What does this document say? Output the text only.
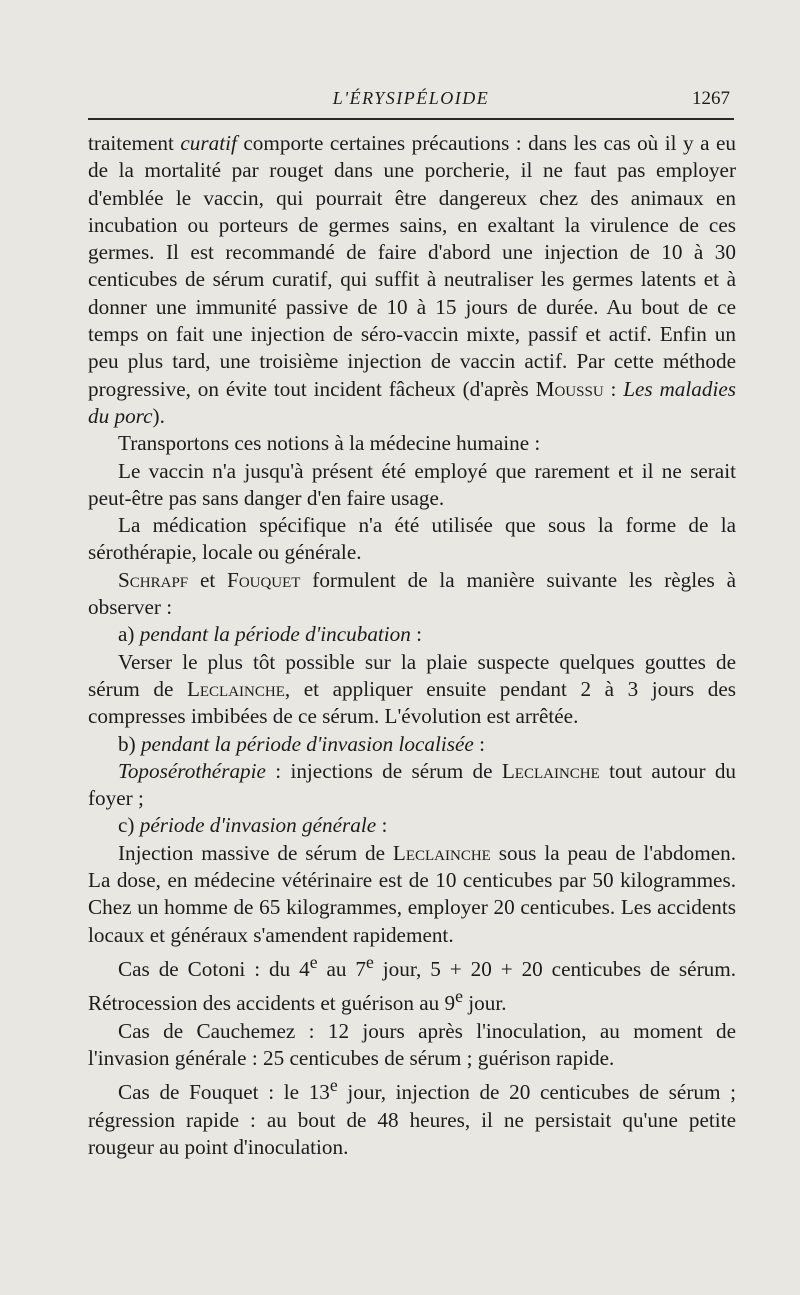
L'ÉRYSIPÉLOIDE	1267

traitement curatif comporte certaines précautions : dans les cas où il y a eu de la mortalité par rouget dans une porcherie, il ne faut pas employer d'emblée le vaccin, qui pourrait être dangereux chez des animaux en incubation ou porteurs de germes sains, en exaltant la virulence de ces germes. Il est recommandé de faire d'abord une injection de 10 à 30 centicubes de sérum curatif, qui suffit à neutraliser les germes latents et à donner une immunité passive de 10 à 15 jours de durée. Au bout de ce temps on fait une injection de séro-vaccin mixte, passif et actif. Enfin un peu plus tard, une troisième injection de vaccin actif. Par cette méthode progressive, on évite tout incident fâcheux (d'après Moussu : Les maladies du porc).

Transportons ces notions à la médecine humaine :

Le vaccin n'a jusqu'à présent été employé que rarement et il ne serait peut-être pas sans danger d'en faire usage.

La médication spécifique n'a été utilisée que sous la forme de la sérothérapie, locale ou générale.

Schrapf et Fouquet formulent de la manière suivante les règles à observer :

a) pendant la période d'incubation :

Verser le plus tôt possible sur la plaie suspecte quelques gouttes de sérum de Leclainche, et appliquer ensuite pendant 2 à 3 jours des compresses imbibées de ce sérum. L'évolution est arrêtée.

b) pendant la période d'invasion localisée :

Toposérothérapie : injections de sérum de Leclainche tout autour du foyer ;

c) période d'invasion générale :

Injection massive de sérum de Leclainche sous la peau de l'abdomen. La dose, en médecine vétérinaire est de 10 centicubes par 50 kilogrammes. Chez un homme de 65 kilogrammes, employer 20 centicubes. Les accidents locaux et généraux s'amendent rapidement.

Cas de Cotoni : du 4e au 7e jour, 5 + 20 + 20 centicubes de sérum. Rétrocession des accidents et guérison au 9e jour.

Cas de Cauchemez : 12 jours après l'inoculation, au moment de l'invasion générale : 25 centicubes de sérum ; guérison rapide.

Cas de Fouquet : le 13e jour, injection de 20 centicubes de sérum ; régression rapide : au bout de 48 heures, il ne persistait qu'une petite rougeur au point d'inoculation.
